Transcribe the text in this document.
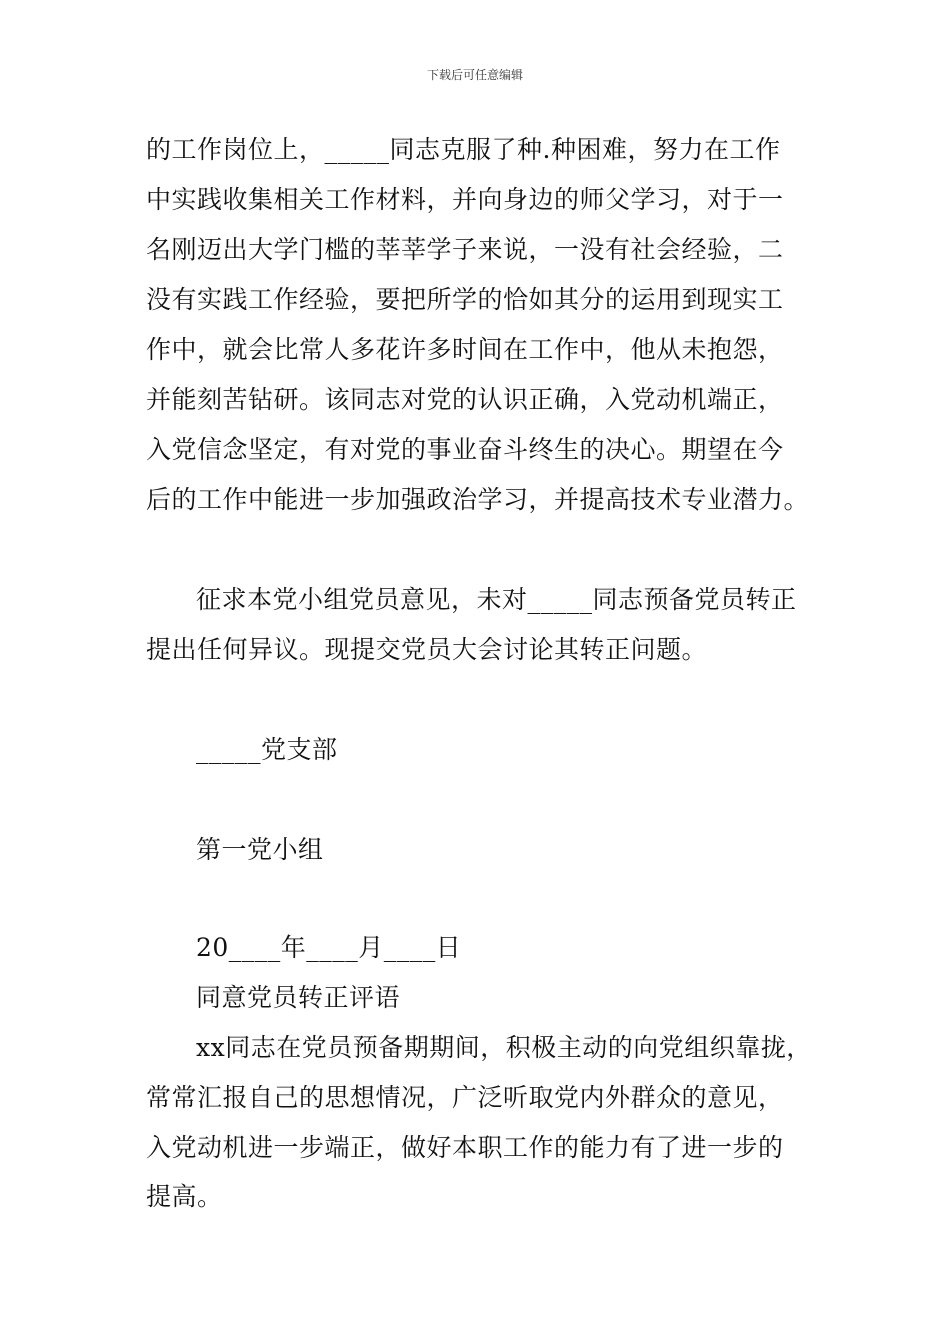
下载后可任意编辑
的工作岗位上，_____同志克服了种.种困难，努力在工作
中实践收集相关工作材料，并向身边的师父学习，对于一
名刚迈出大学门槛的莘莘学子来说，一没有社会经验，二
没有实践工作经验，要把所学的恰如其分的运用到现实工
作中，就会比常人多花许多时间在工作中，他从未抱怨，
并能刻苦钻研。该同志对党的认识正确，入党动机端正，
入党信念坚定，有对党的事业奋斗终生的决心。期望在今
后的工作中能进一步加强政治学习，并提高技术专业潜力。
征求本党小组党员意见，未对_____同志预备党员转正
提出任何异议。现提交党员大会讨论其转正问题。
_____党支部
第一党小组
20____年____月____日
同意党员转正评语
xx同志在党员预备期期间，积极主动的向党组织靠拢，
常常汇报自己的思想情况，广泛听取党内外群众的意见，
入党动机进一步端正，做好本职工作的能力有了进一步的
提高。
